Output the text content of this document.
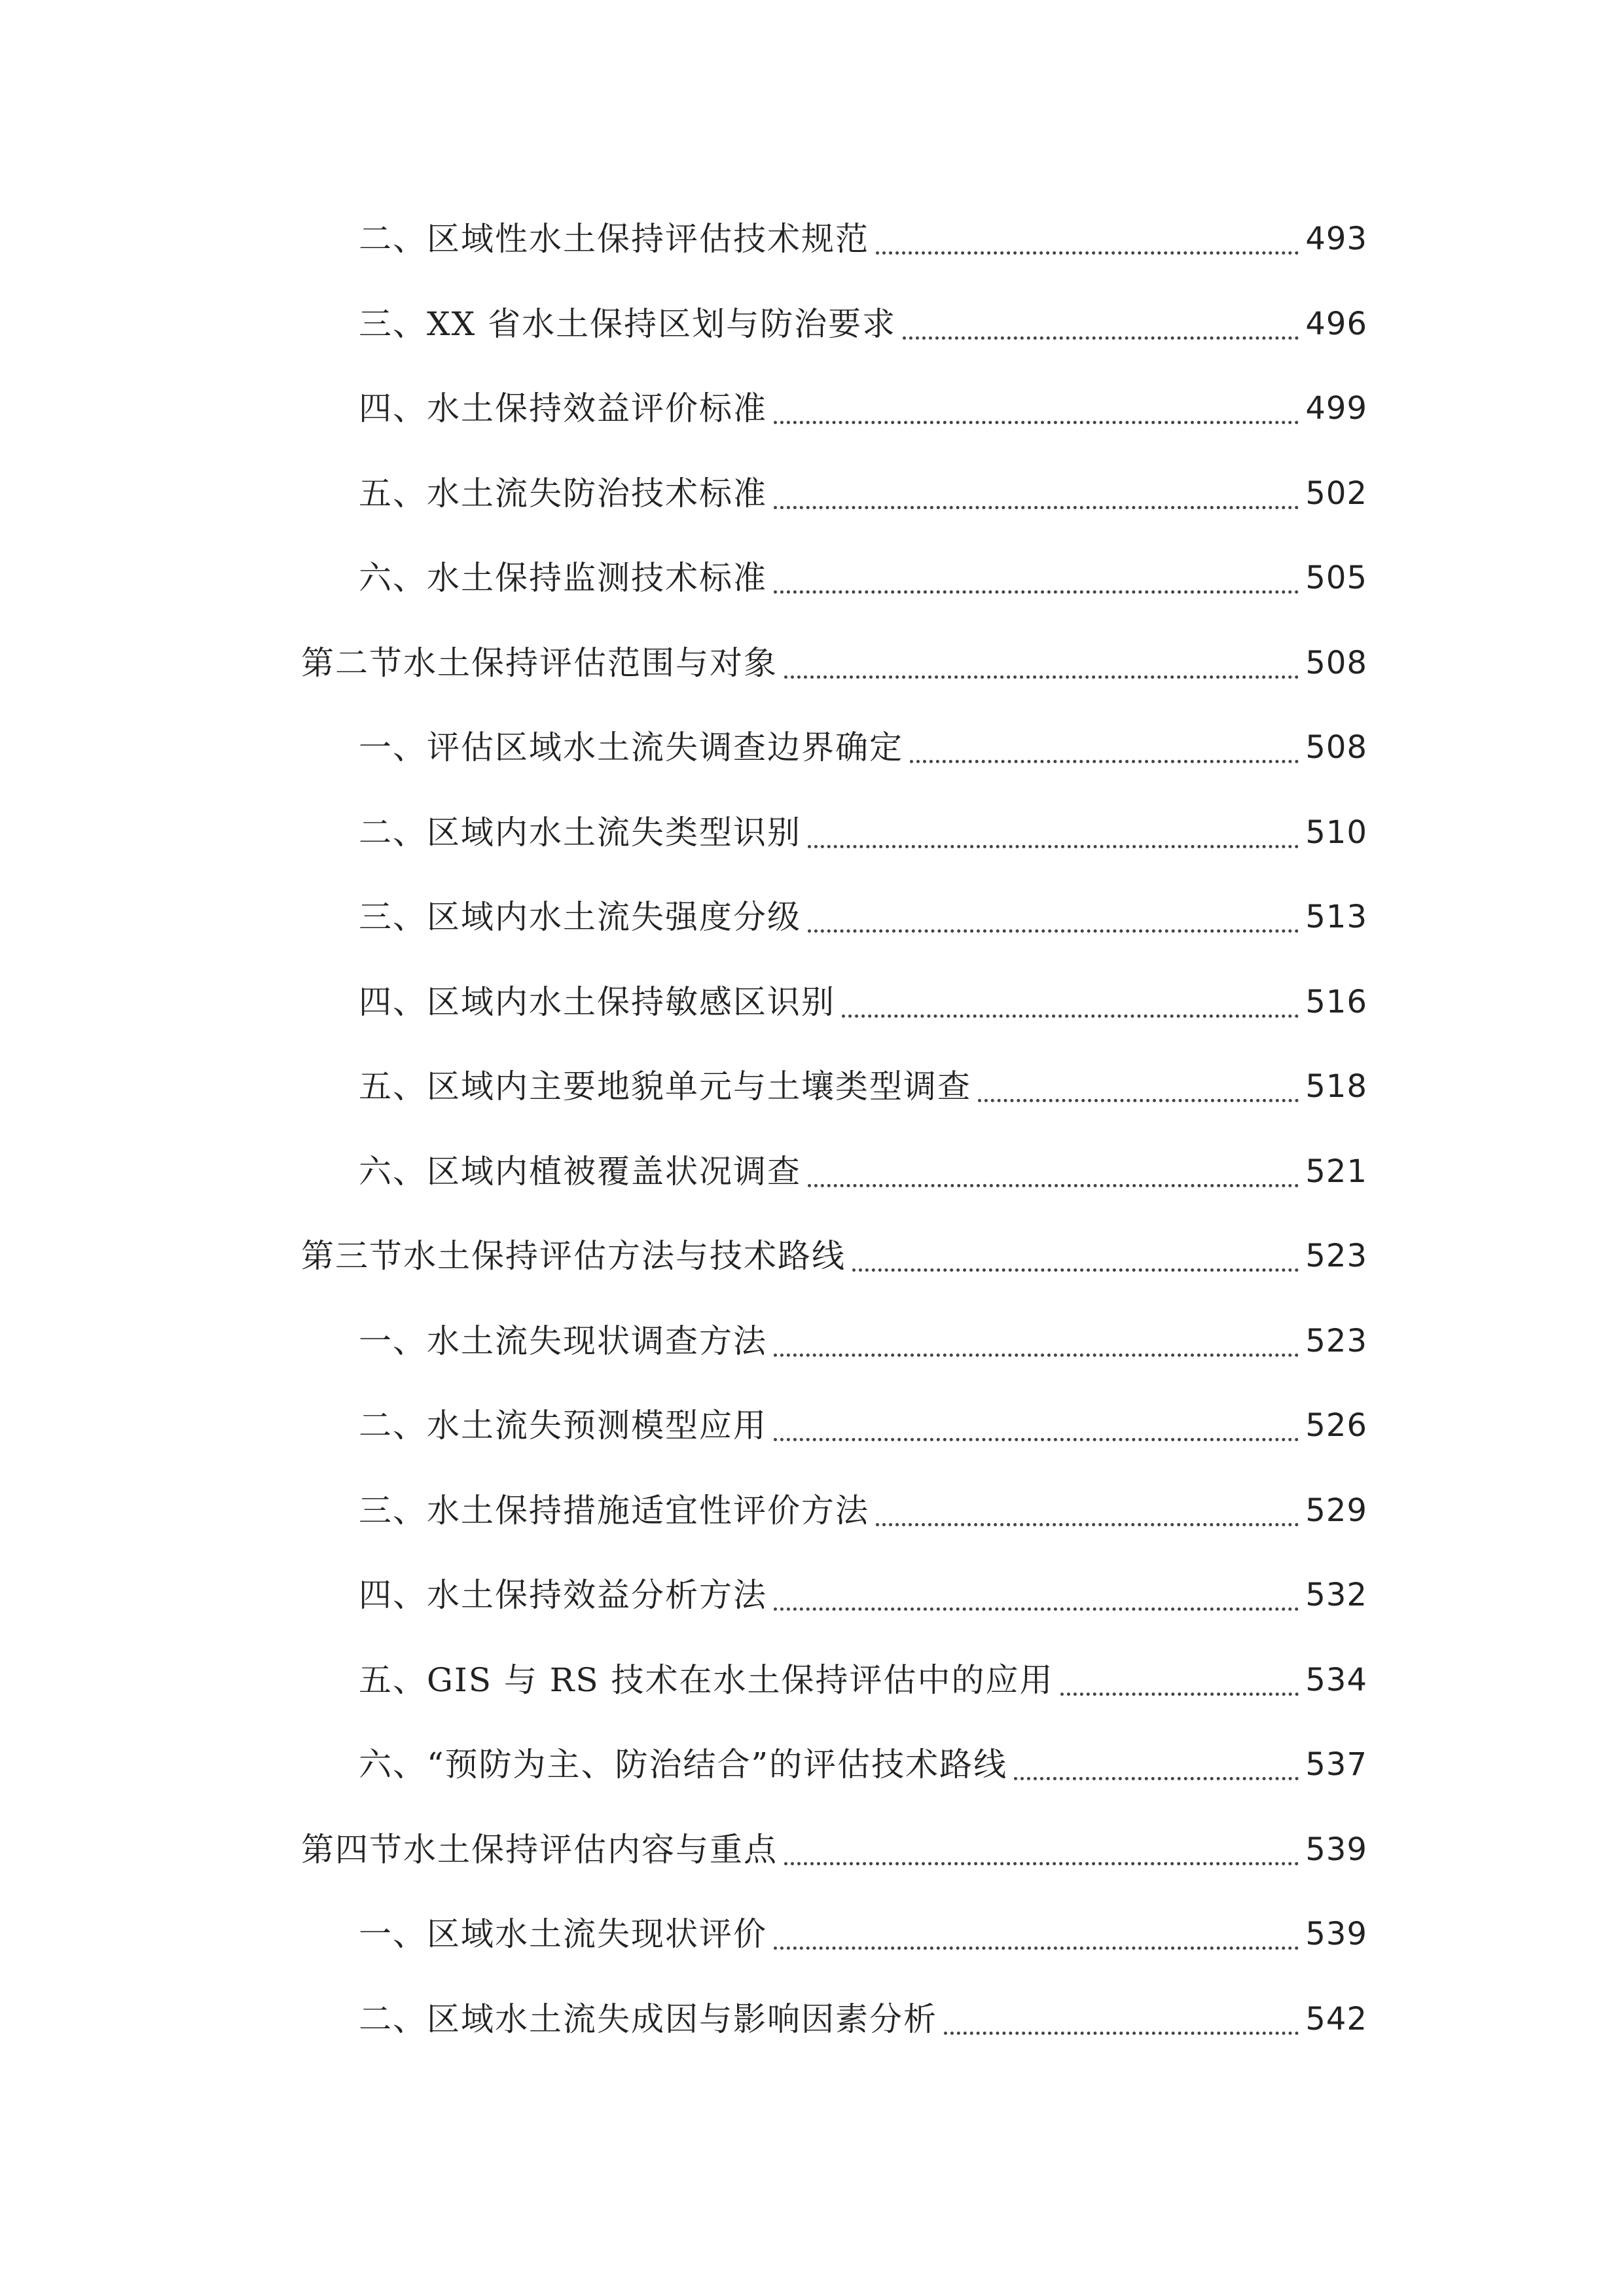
二、区域性水土保持评估技术规范	493
三、XX 省水土保持区划与防治要求	496
四、水土保持效益评价标准	499
五、水土流失防治技术标准	502
六、水土保持监测技术标准	505
第二节水土保持评估范围与对象	508
一、评估区域水土流失调查边界确定	508
二、区域内水土流失类型识别	510
三、区域内水土流失强度分级	513
四、区域内水土保持敏感区识别	516
五、区域内主要地貌单元与土壤类型调查	518
六、区域内植被覆盖状况调查	521
第三节水土保持评估方法与技术路线	523
一、水土流失现状调查方法	523
二、水土流失预测模型应用	526
三、水土保持措施适宜性评价方法	529
四、水土保持效益分析方法	532
五、GIS 与 RS 技术在水土保持评估中的应用	534
六、“预防为主、防治结合”的评估技术路线	537
第四节水土保持评估内容与重点	539
一、区域水土流失现状评价	539
二、区域水土流失成因与影响因素分析	542
